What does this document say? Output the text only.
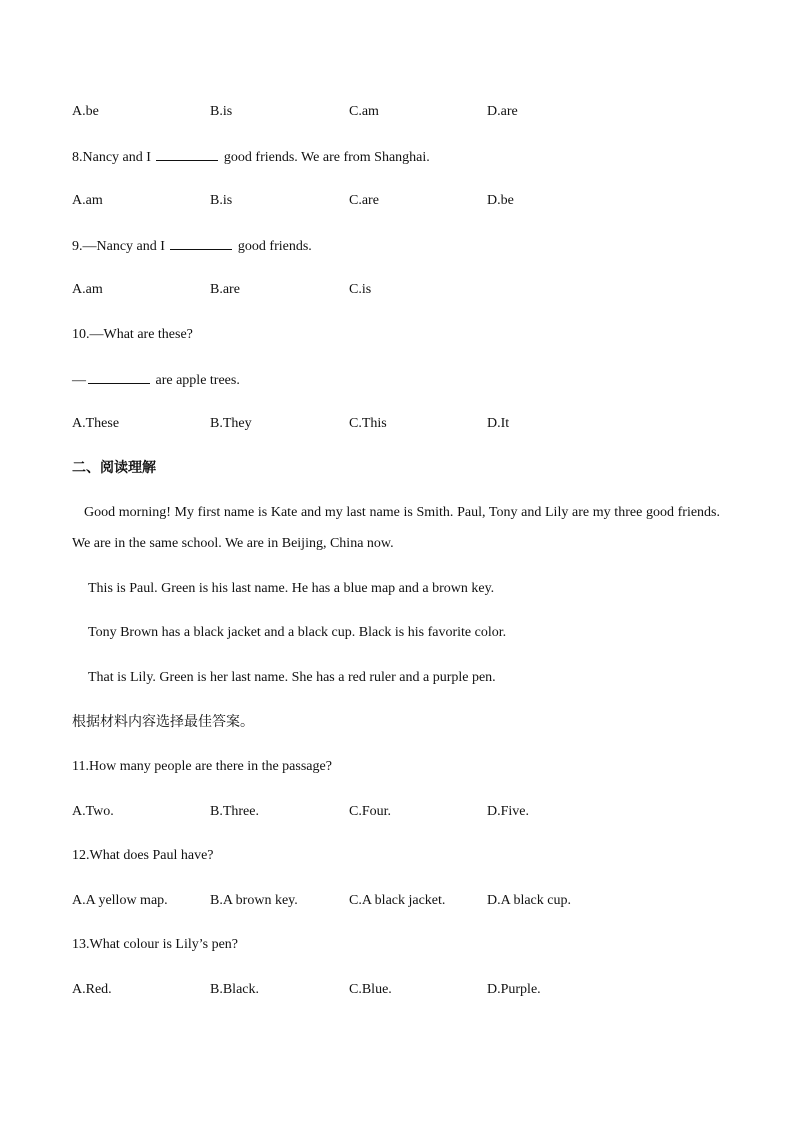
A.be	B.is	C.am	D.are
8.Nancy and I	good friends. We are from Shanghai.
A.am	B.is	C.are	D.be
9.—Nancy and I	good friends.
A.am	B.are	C.is
10.—What are these?
—	are apple trees.
A.These	B.They	C.This	D.It
二、阅读理解
Good morning! My first name is Kate and my last name is Smith. Paul, Tony and Lily are my three good friends. We are in the same school. We are in Beijing, China now.
This is Paul. Green is his last name. He has a blue map and a brown key.
Tony Brown has a black jacket and a black cup. Black is his favorite color.
That is Lily. Green is her last name. She has a red ruler and a purple pen.
根据材料内容选择最佳答案。
11.How many people are there in the passage?
A.Two.	B.Three.	C.Four.	D.Five.
12.What does Paul have?
A.A yellow map.	B.A brown key.	C.A black jacket.	D.A black cup.
13.What colour is Lily’s pen?
A.Red.	B.Black.	C.Blue.	D.Purple.
